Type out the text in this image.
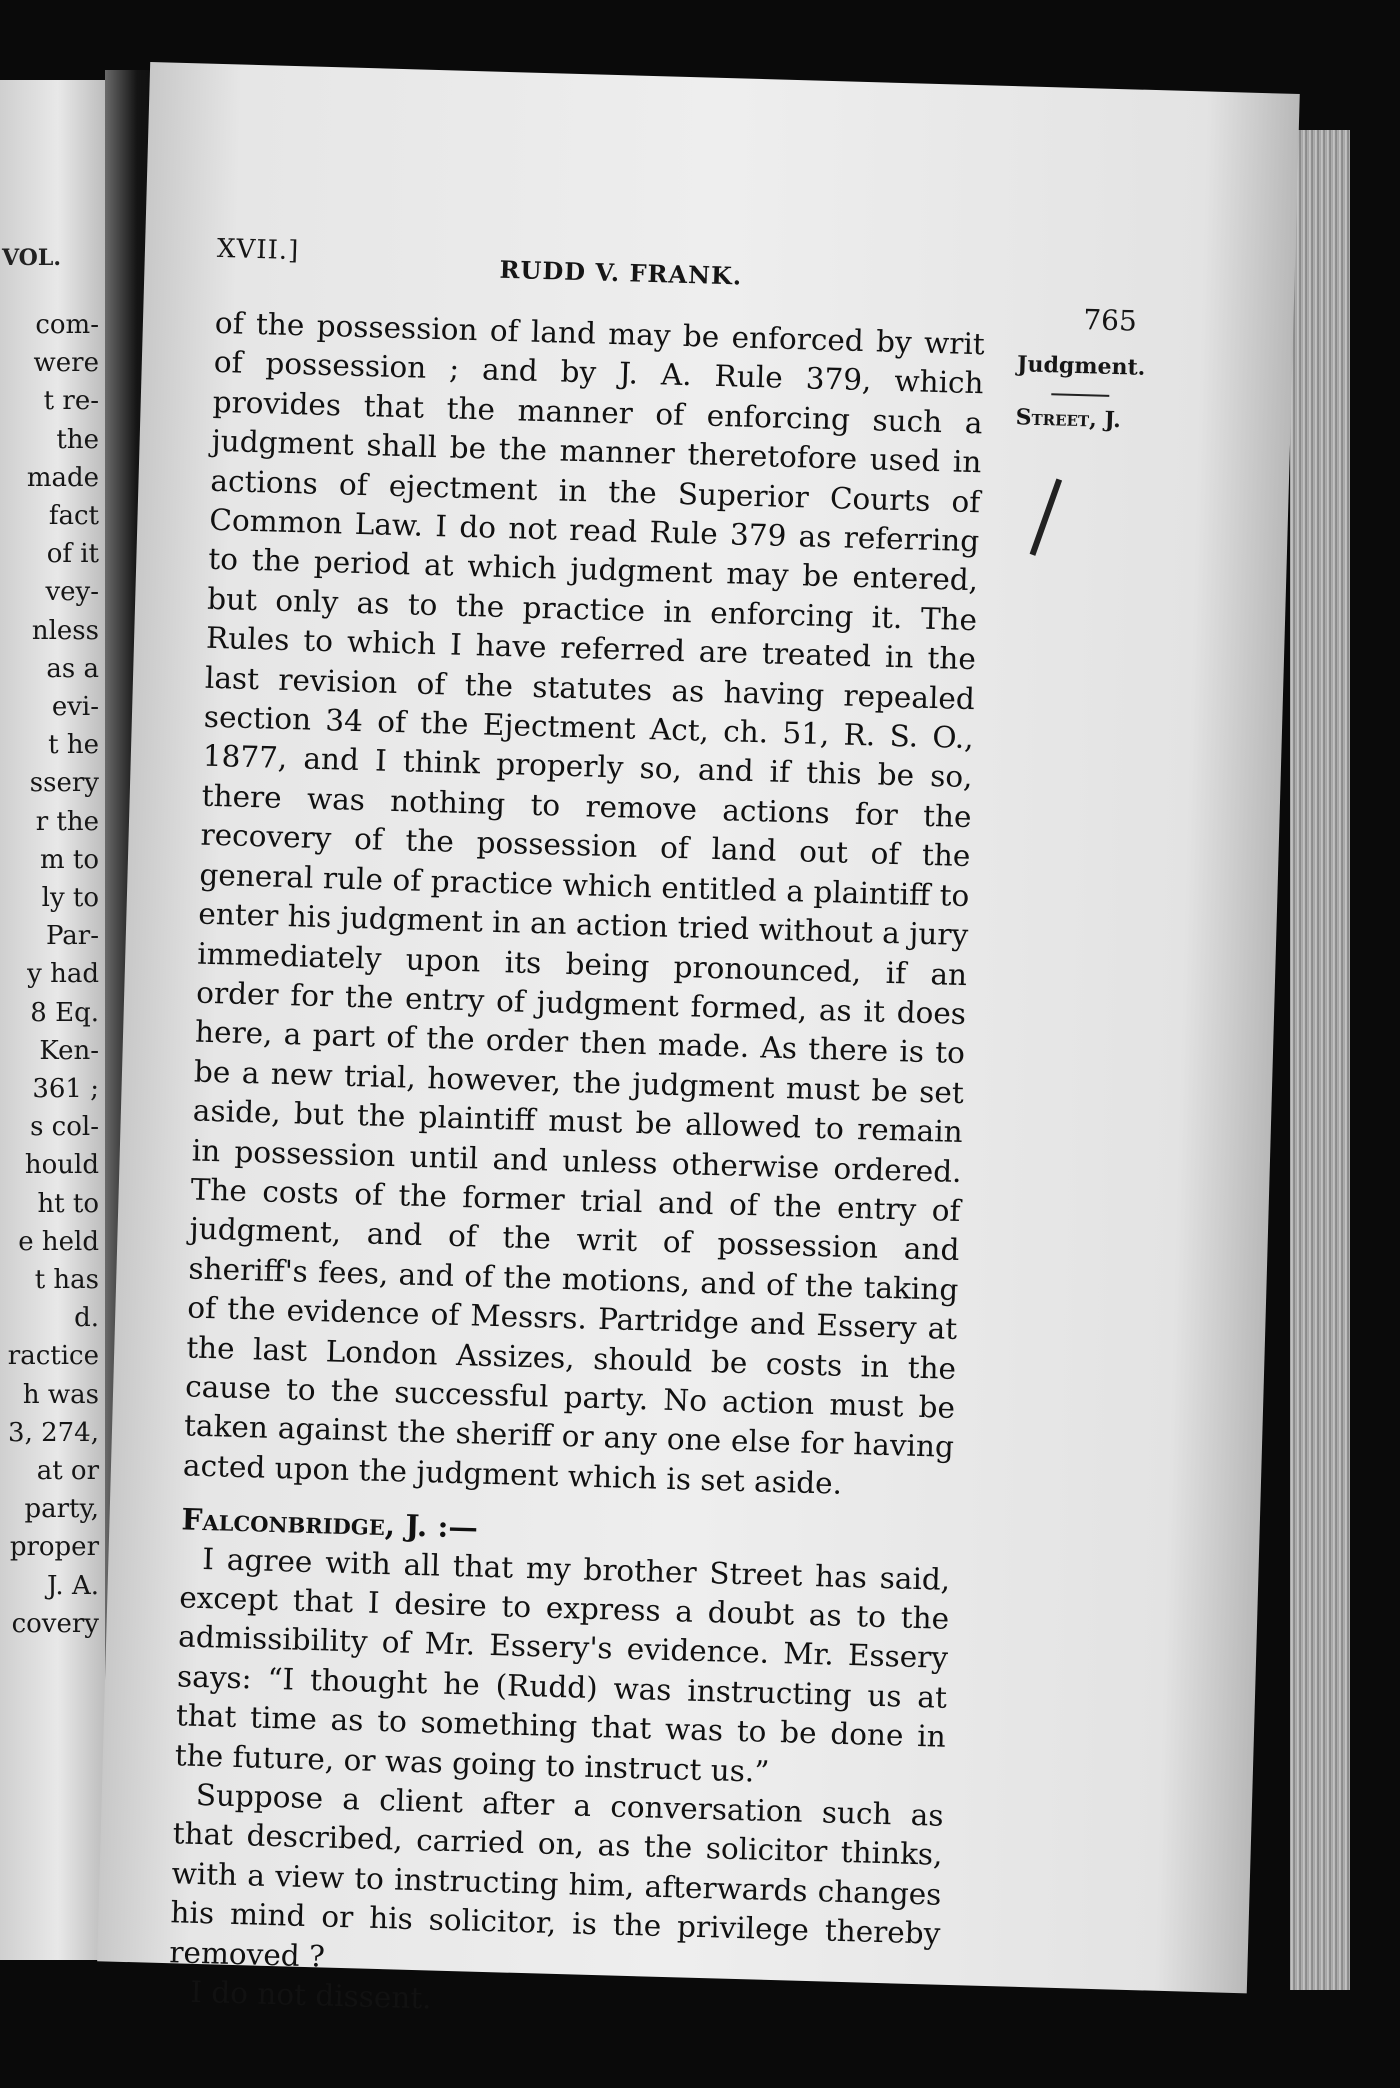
VOL.
com-
were
t re-
the
made
fact
of it
vey-
nless
as a
evi-
t he
ssery
r the
m to
ly to
Par-
y had
8 Eq.
Ken-
361 ;
s col-
hould
ht to
e held
t has
d.
ractice
h was
3, 274,
at or
party,
proper
J. A.
covery
XVII.]
RUDD V. FRANK.
765
Judgment.
Street, J.

of the possession of land may be enforced by writ of possession ; and by J. A. Rule 379, which provides that the manner of enforcing such a judgment shall be the manner theretofore used in actions of ejectment in the Superior Courts of Common Law. I do not read Rule 379 as referring to the period at which judgment may be entered, but only as to the practice in enforcing it. The Rules to which I have referred are treated in the last revision of the statutes as having repealed section 34 of the Ejectment Act, ch. 51, R. S. O., 1877, and I think properly so, and if this be so, there was nothing to remove actions for the recovery of the possession of land out of the general rule of practice which entitled a plaintiff to enter his judgment in an action tried without a jury immediately upon its being pronounced, if an order for the entry of judgment formed, as it does here, a part of the order then made. As there is to be a new trial, however, the judgment must be set aside, but the plaintiff must be allowed to remain in possession until and unless otherwise ordered. The costs of the former trial and of the entry of judgment, and of the writ of possession and sheriff's fees, and of the motions, and of the taking of the evidence of Messrs. Partridge and Essery at the last London Assizes, should be costs in the cause to the successful party. No action must be taken against the sheriff or any one else for having acted upon the judgment which is set aside.

Falconbridge, J. :—

I agree with all that my brother Street has said, except that I desire to express a doubt as to the admissibility of Mr. Essery's evidence. Mr. Essery says: “I thought he (Rudd) was instructing us at that time as to something that was to be done in the future, or was going to instruct us.”

Suppose a client after a conversation such as that described, carried on, as the solicitor thinks, with a view to instructing him, afterwards changes his mind or his solicitor, is the privilege thereby removed ?

I do not dissent.
